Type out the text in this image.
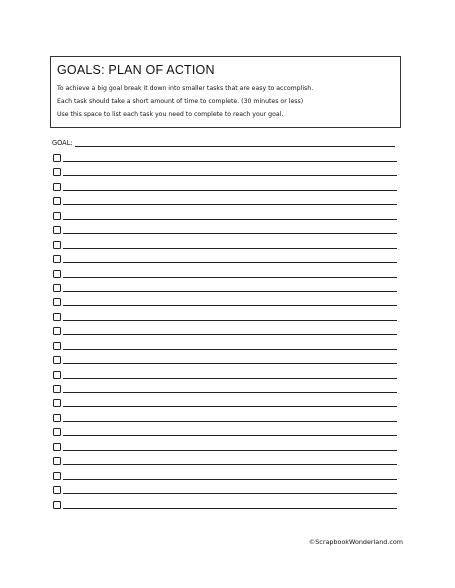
GOALS: PLAN OF ACTION

To achieve a big goal break it down into smaller tasks that are easy to accomplish.

Each task should take a short amount of time to complete. (30 minutes or less)

Use this space to list each task you need to complete to reach your goal.

GOAL:
©ScrapbookWonderland.com
